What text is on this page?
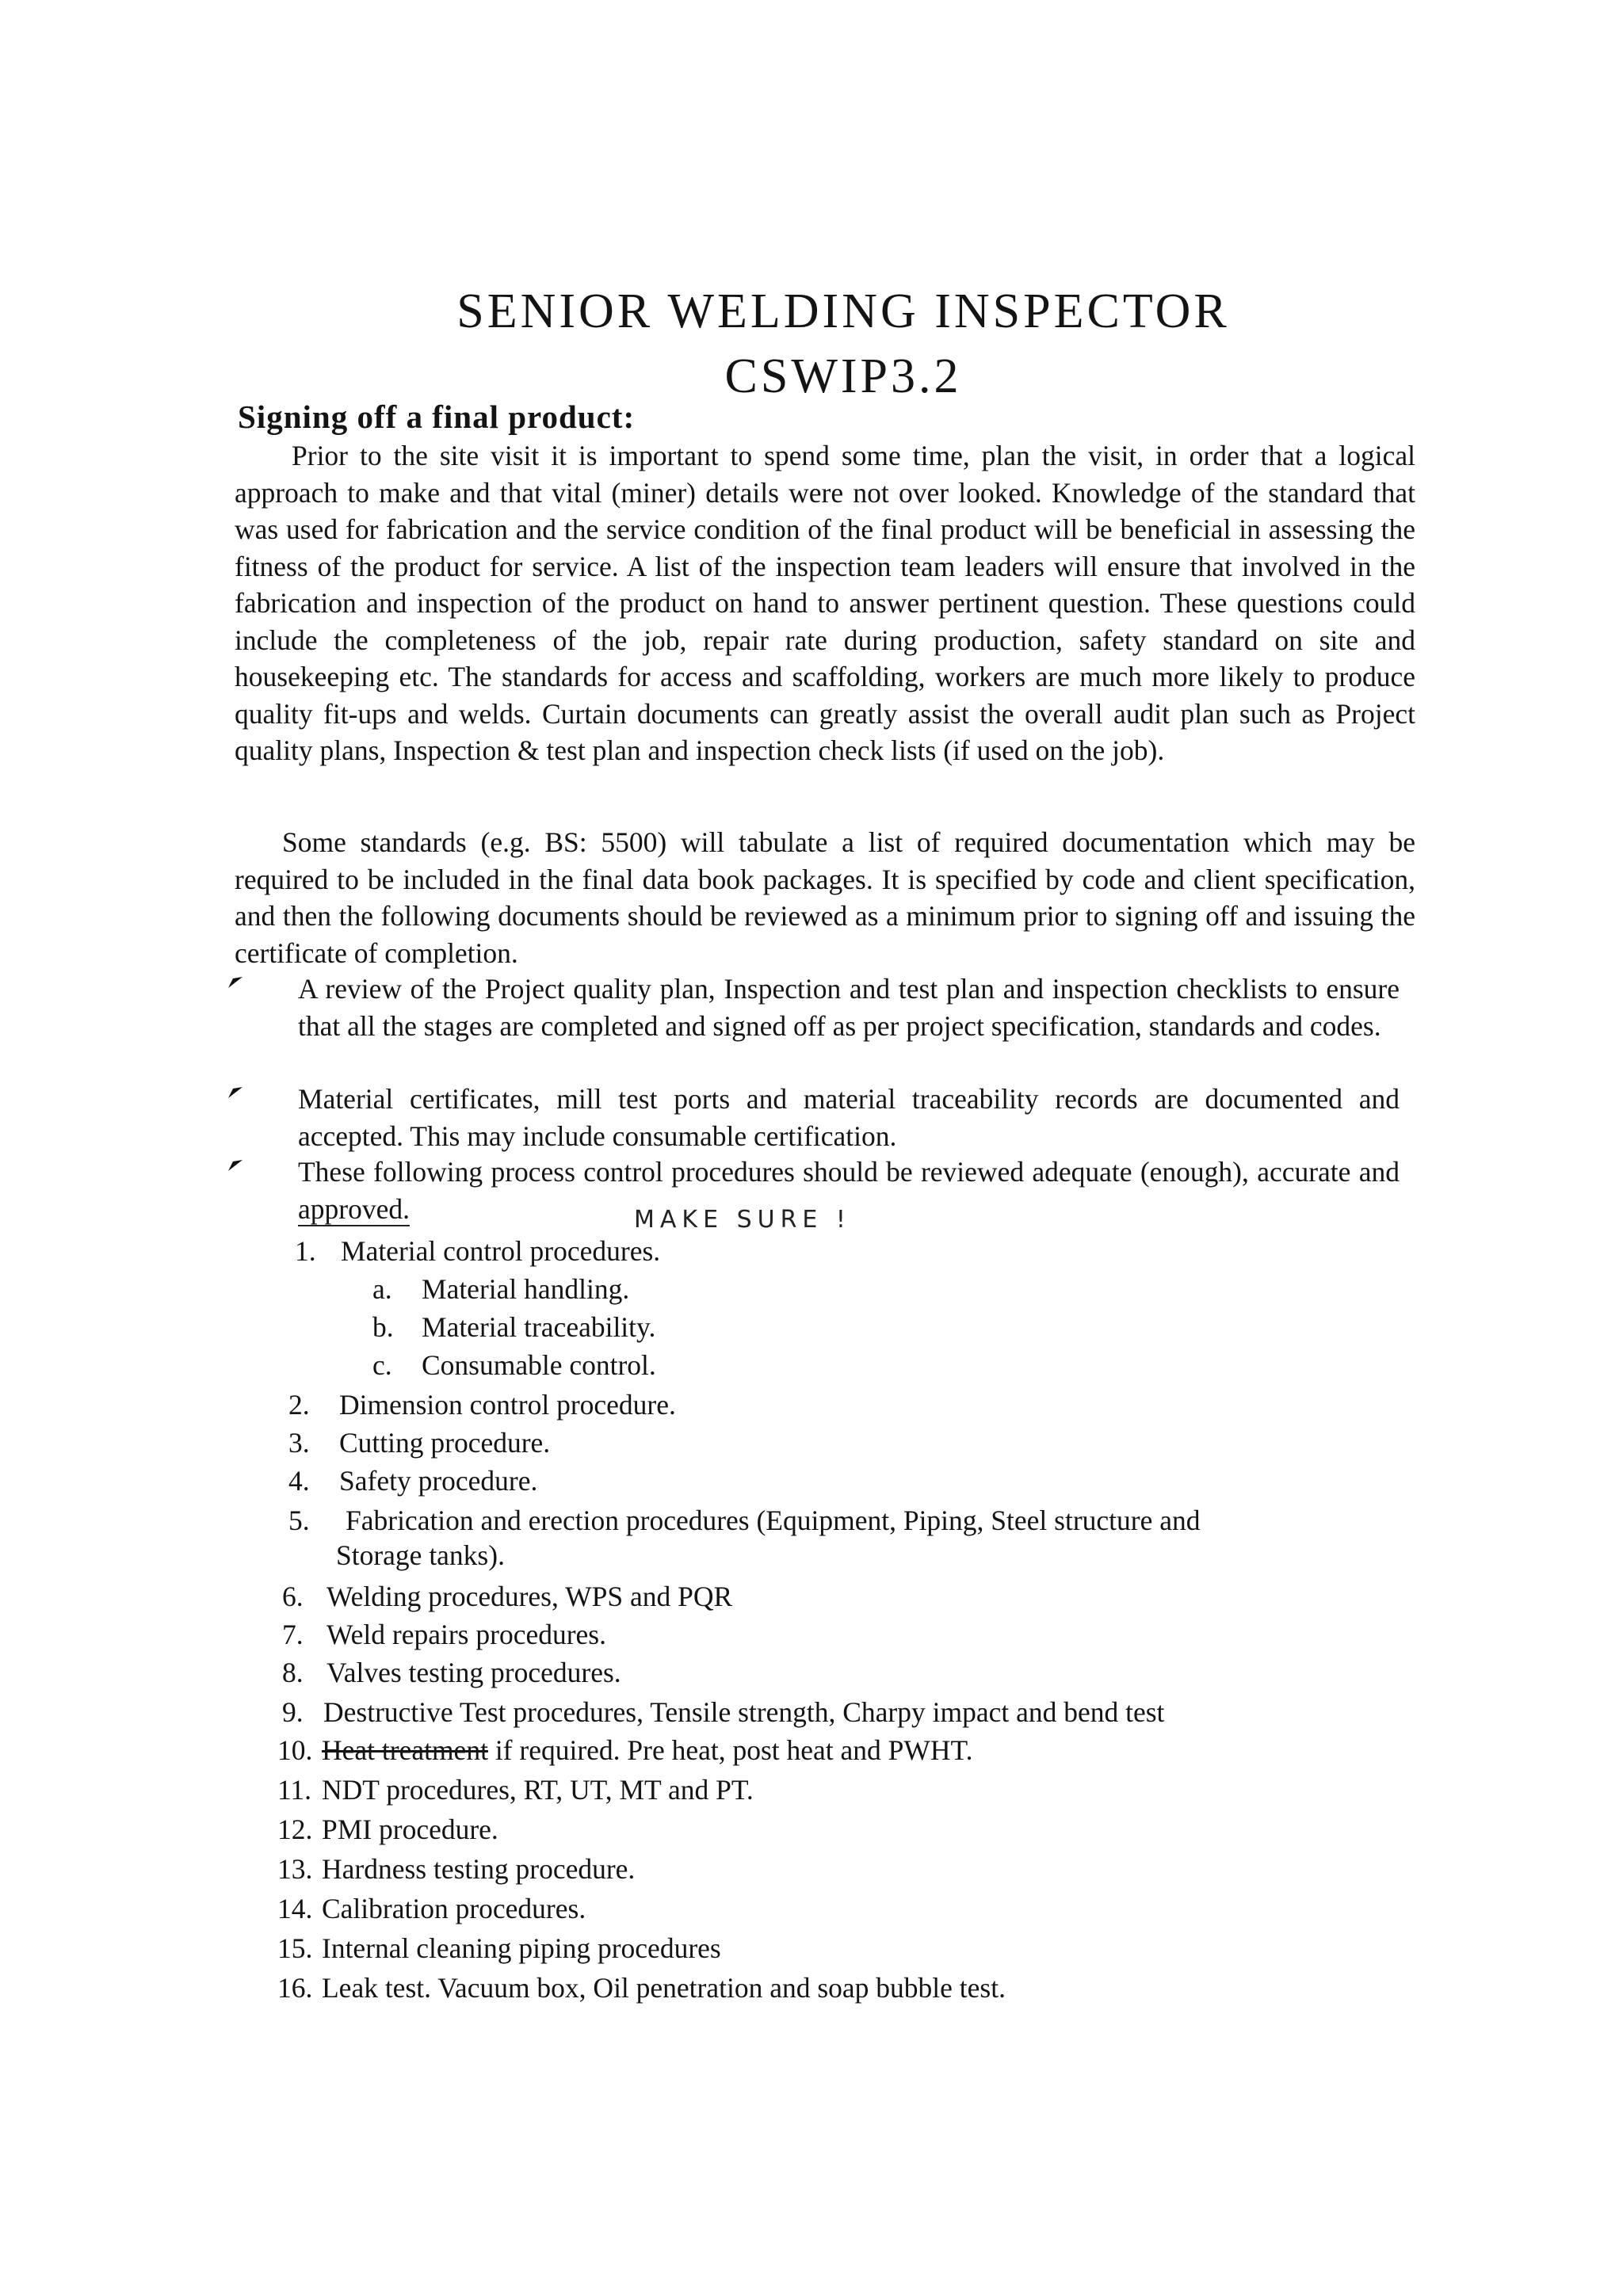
SENIOR WELDING INSPECTOR
CSWIP3.2
Signing off a final product:

Prior to the site visit it is important to spend some time, plan the visit, in order that a logical approach to make and that vital (miner) details were not over looked. Knowledge of the standard that was used for fabrication and the service condition of the final product will be beneficial in assessing the fitness of the product for service. A list of the inspection team leaders will ensure that involved in the fabrication and inspection of the product on hand to answer pertinent question. These questions could include the completeness of the job, repair rate during production, safety standard on site and housekeeping etc. The standards for access and scaffolding, workers are much more likely to produce quality fit-ups and welds. Curtain documents can greatly assist the overall audit plan such as Project quality plans, Inspection & test plan and inspection check lists (if used on the job).

Some standards (e.g. BS: 5500) will tabulate a list of required documentation which may be required to be included in the final data book packages. It is specified by code and client specification, and then the following documents should be reviewed as a minimum prior to signing off and issuing the certificate of completion.

A review of the Project quality plan, Inspection and test plan and inspection checklists to ensure that all the stages are completed and signed off as per project specification, standards and codes.
Material certificates, mill test ports and material traceability records are documented and accepted. This may include consumable certification.
These following process control procedures should be reviewed adequate (enough), accurate and approved.	MAKE SURE !
1. Material control procedures.
a. Material handling.
b. Material traceability.
c. Consumable control.
2. Dimension control procedure.
3. Cutting procedure.
4. Safety procedure.
5. Fabrication and erection procedures (Equipment, Piping, Steel structure and
Storage tanks).
6. Welding procedures, WPS and PQR
7. Weld repairs procedures.
8. Valves testing procedures.
9. Destructive Test procedures, Tensile strength, Charpy impact and bend test
10. Heat treatment if required. Pre heat, post heat and PWHT.
11. NDT procedures, RT, UT, MT and PT.
12. PMI procedure.
13. Hardness testing procedure.
14. Calibration procedures.
15. Internal cleaning piping procedures
16. Leak test. Vacuum box, Oil penetration and soap bubble test.
